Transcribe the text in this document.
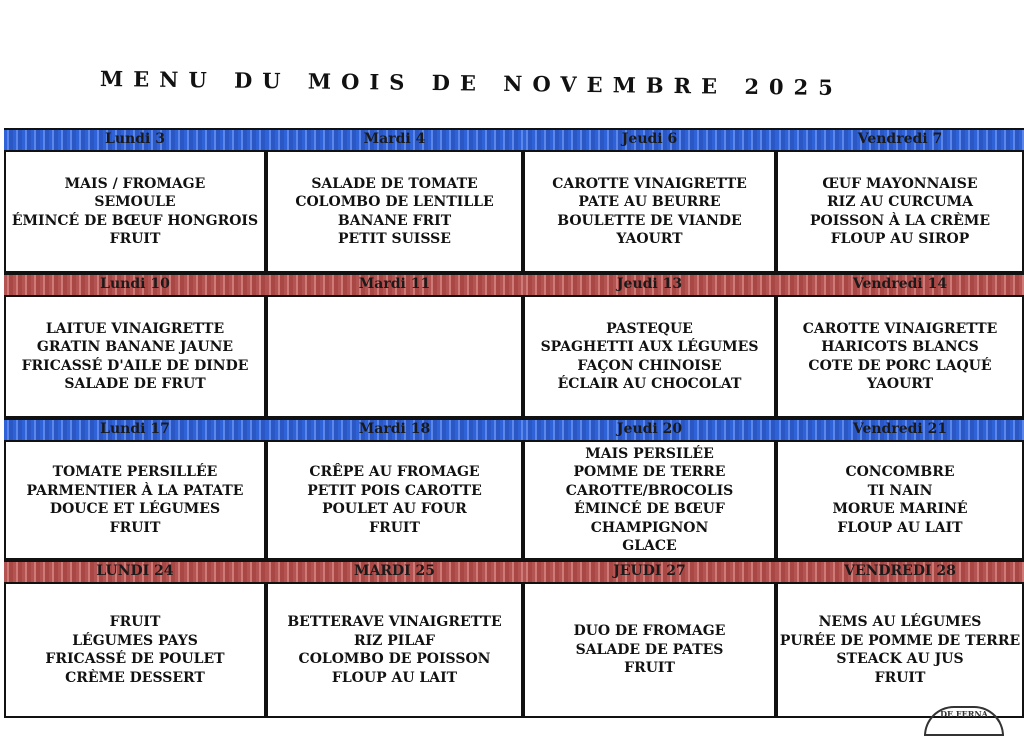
MENU DU MOIS DE NOVEMBRE 2025
Lundi 3
MAIS / FROMAGE
SEMOULE
ÉMINCÉ DE BŒUF HONGROIS
FRUIT
Mardi 4
SALADE DE TOMATE
COLOMBO DE LENTILLE
BANANE FRIT
PETIT SUISSE
Jeudi 6
CAROTTE VINAIGRETTE
PATE AU BEURRE
BOULETTE DE VIANDE
YAOURT
Vendredi 7
ŒUF MAYONNAISE
RIZ AU CURCUMA
POISSON À LA CRÈME
FLOUP AU SIROP
Lundi 10
LAITUE VINAIGRETTE
GRATIN BANANE JAUNE
FRICASSÉ D'AILE DE DINDE
SALADE DE FRUT
Mardi 11	Jeudi 13
PASTEQUE
SPAGHETTI AUX LÉGUMES
FAÇON CHINOISE
ÉCLAIR AU CHOCOLAT
Vendredi 14
CAROTTE VINAIGRETTE
HARICOTS BLANCS
COTE DE PORC LAQUÉ
YAOURT
Lundi 17
TOMATE PERSILLÉE
PARMENTIER À LA PATATE
DOUCE ET LÉGUMES
FRUIT
Mardi 18
CRÊPE AU FROMAGE
PETIT POIS CAROTTE
POULET AU FOUR
FRUIT
Jeudi 20
MAIS PERSILÉE
POMME DE TERRE
CAROTTE/BROCOLIS
ÉMINCÉ DE BŒUF
CHAMPIGNON
GLACE
Vendredi 21
CONCOMBRE
TI NAIN
MORUE MARINÉ
FLOUP AU LAIT
LUNDI 24
FRUIT
LÉGUMES PAYS
FRICASSÉ DE POULET
CRÈME DESSERT
MARDI 25
BETTERAVE VINAIGRETTE
RIZ PILAF
COLOMBO DE POISSON
FLOUP AU LAIT
JEUDI 27
DUO DE FROMAGE
SALADE DE PATES
FRUIT
VENDREDI 28
NEMS AU LÉGUMES
PURÉE DE POMME DE TERRE
STEACK AU JUS
FRUIT
DE FERNA
